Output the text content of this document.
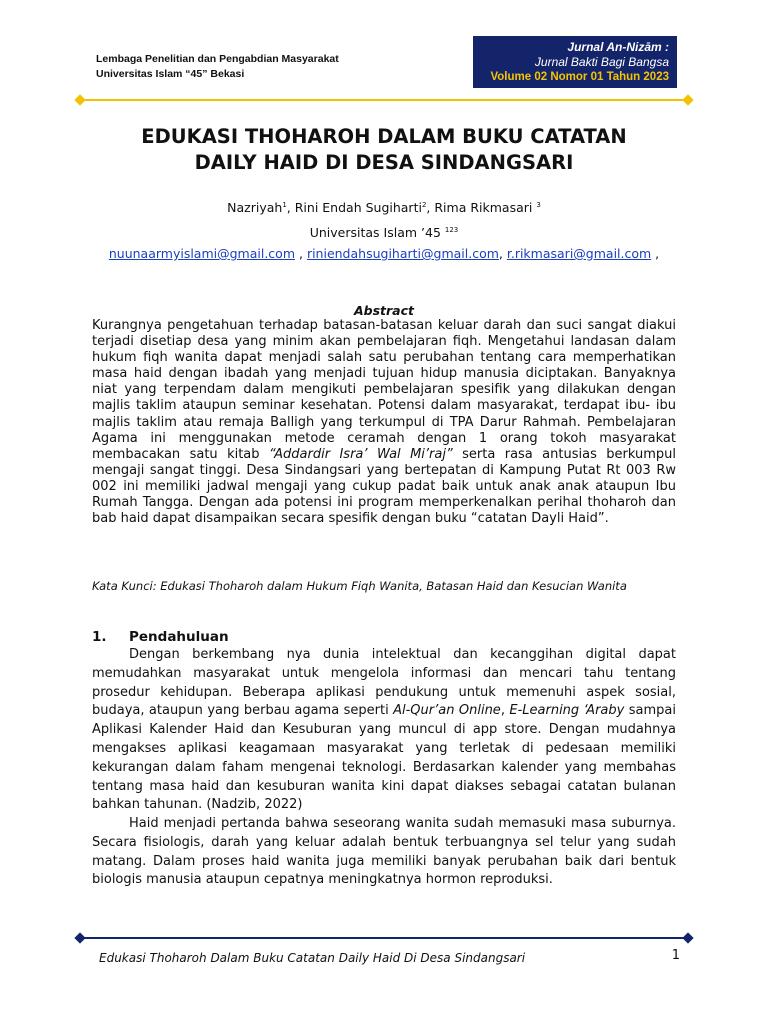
Lembaga Penelitian dan Pengabdian Masyarakat
Universitas Islam “45” Bekasi
Jurnal An-Nizām :
Jurnal Bakti Bagi Bangsa
Volume 02 Nomor 01 Tahun 2023
EDUKASI THOHAROH DALAM BUKU CATATAN
DAILY HAID DI DESA SINDANGSARI
Nazriyah$^1$, Rini Endah Sugiharti$^2$, Rima Rikmasari $^3$
Universitas Islam ’45 $^{123}$
nuunaarmyislami@gmail.com , riniendahsugiharti@gmail.com, r.rikmasari@gmail.com ,
Abstract

Kurangnya pengetahuan terhadap batasan-batasan keluar darah dan suci sangat diakui terjadi disetiap desa yang minim akan pembelajaran fiqh. Mengetahui landasan dalam hukum fiqh wanita dapat menjadi salah satu perubahan tentang cara memperhatikan masa haid dengan ibadah yang menjadi tujuan hidup manusia diciptakan. Banyaknya niat yang terpendam dalam mengikuti pembelajaran spesifik yang dilakukan dengan majlis taklim ataupun seminar kesehatan. Potensi dalam masyarakat, terdapat ibu- ibu majlis taklim atau remaja Balligh yang terkumpul di TPA Darur Rahmah. Pembelajaran Agama ini menggunakan metode ceramah dengan 1 orang tokoh masyarakat membacakan satu kitab “Addardir Isra’ Wal Mi’raj” serta rasa antusias berkumpul mengaji sangat tinggi. Desa Sindangsari yang bertepatan di Kampung Putat Rt 003 Rw 002 ini memiliki jadwal mengaji yang cukup padat baik untuk anak anak ataupun Ibu Rumah Tangga. Dengan ada potensi ini program memperkenalkan perihal thoharoh dan bab haid dapat disampaikan secara spesifik dengan buku “catatan Dayli Haid”.

Kata Kunci: Edukasi Thoharoh dalam Hukum Fiqh Wanita, Batasan Haid dan Kesucian Wanita

1. Pendahuluan

Dengan berkembang nya dunia intelektual dan kecanggihan digital dapat memudahkan masyarakat untuk mengelola informasi dan mencari tahu tentang prosedur kehidupan. Beberapa aplikasi pendukung untuk memenuhi aspek sosial, budaya, ataupun yang berbau agama seperti Al-Qur’an Online, E-Learning ‘Araby sampai Aplikasi Kalender Haid dan Kesuburan yang muncul di app store. Dengan mudahnya mengakses aplikasi keagamaan masyarakat yang terletak di pedesaan memiliki kekurangan dalam faham mengenai teknologi. Berdasarkan kalender yang membahas tentang masa haid dan kesuburan wanita kini dapat diakses sebagai catatan bulanan bahkan tahunan. (Nadzib, 2022)

Haid menjadi pertanda bahwa seseorang wanita sudah memasuki masa suburnya. Secara fisiologis, darah yang keluar adalah bentuk terbuangnya sel telur yang sudah matang. Dalam proses haid wanita juga memiliki banyak perubahan baik dari bentuk biologis manusia ataupun cepatnya meningkatnya hormon reproduksi.

Edukasi Thoharoh Dalam Buku Catatan Daily Haid Di Desa Sindangsari	1
